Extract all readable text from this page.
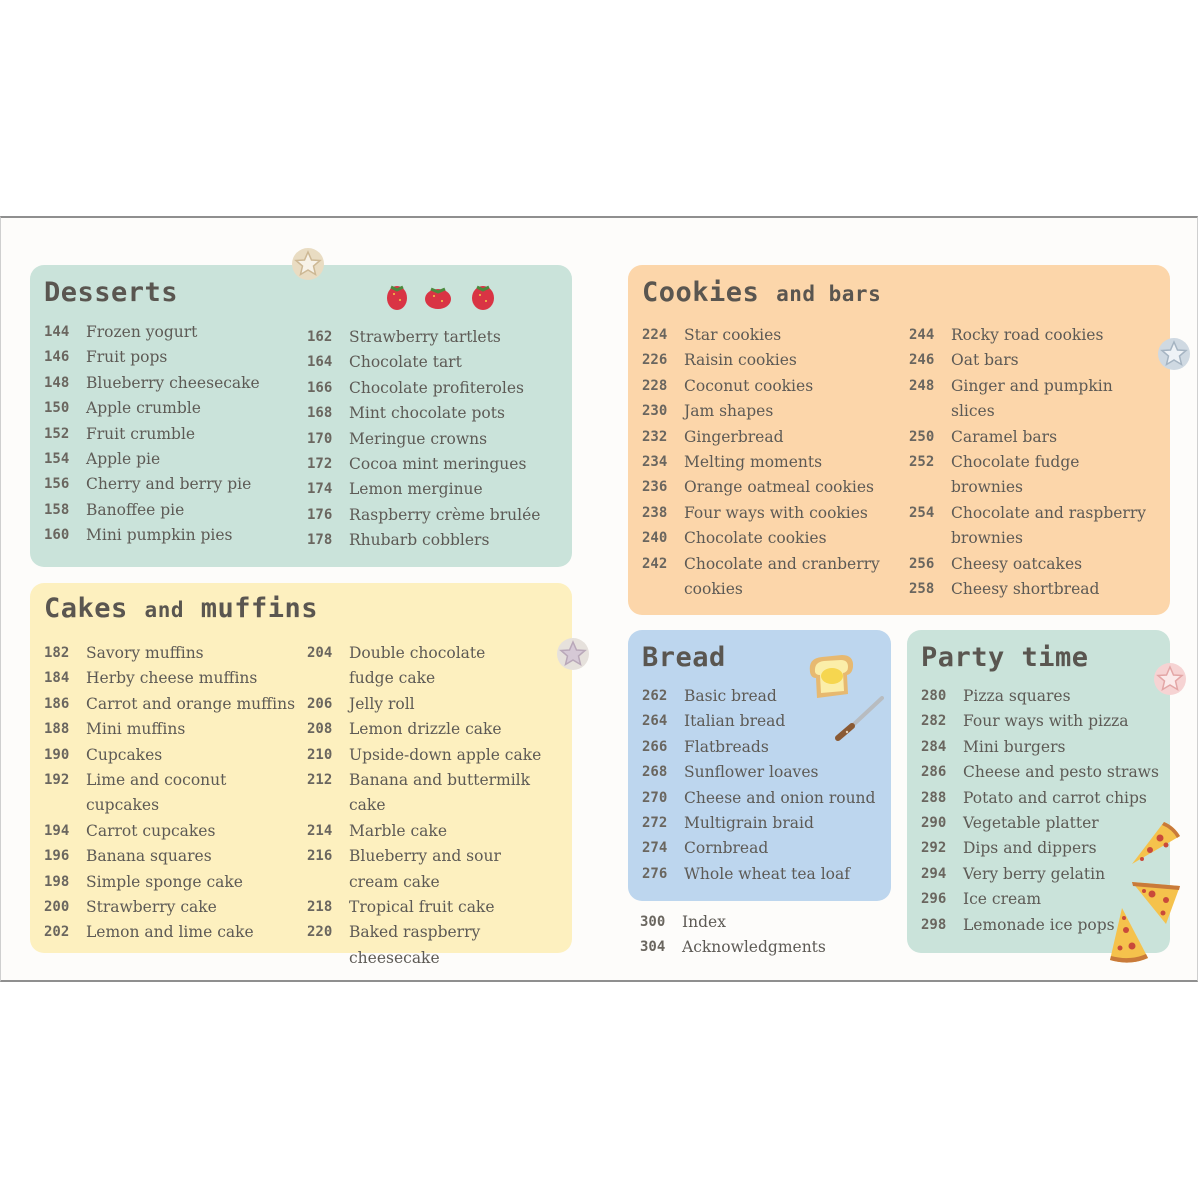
Desserts
144	Frozen yogurt
146	Fruit pops
148	Blueberry cheesecake
150	Apple crumble
152	Fruit crumble
154	Apple pie
156	Cherry and berry pie
158	Banoffee pie
160	Mini pumpkin pies
162	Strawberry tartlets
164	Chocolate tart
166	Chocolate profiteroles
168	Mint chocolate pots
170	Meringue crowns
172	Cocoa mint meringues
174	Lemon merginue
176	Raspberry crème brulée
178	Rhubarb cobblers
Cakes and muffins
182	Savory muffins
184	Herby cheese muffins
186	Carrot and orange muffins
188	Mini muffins
190	Cupcakes
192	Lime and coconut
cupcakes
194	Carrot cupcakes
196	Banana squares
198	Simple sponge cake
200	Strawberry cake
202	Lemon and lime cake
204	Double chocolate
fudge cake
206	Jelly roll
208	Lemon drizzle cake
210	Upside-down apple cake
212	Banana and buttermilk cake
214	Marble cake
216	Blueberry and sour
cream cake
218	Tropical fruit cake
220	Baked raspberry
cheesecake
Cookies and bars
224	Star cookies
226	Raisin cookies
228	Coconut cookies
230	Jam shapes
232	Gingerbread
234	Melting moments
236	Orange oatmeal cookies
238	Four ways with cookies
240	Chocolate cookies
242	Chocolate and cranberry
cookies
244	Rocky road cookies
246	Oat bars
248	Ginger and pumpkin
slices
250	Caramel bars
252	Chocolate fudge
brownies
254	Chocolate and raspberry
brownies
256	Cheesy oatcakes
258	Cheesy shortbread
Bread
262	Basic bread
264	Italian bread
266	Flatbreads
268	Sunflower loaves
270	Cheese and onion round
272	Multigrain braid
274	Cornbread
276	Whole wheat tea loaf
Party time
280	Pizza squares
282	Four ways with pizza
284	Mini burgers
286	Cheese and pesto straws
288	Potato and carrot chips
290	Vegetable platter
292	Dips and dippers
294	Very berry gelatin
296	Ice cream
298	Lemonade ice pops
300	Index
304	Acknowledgments
